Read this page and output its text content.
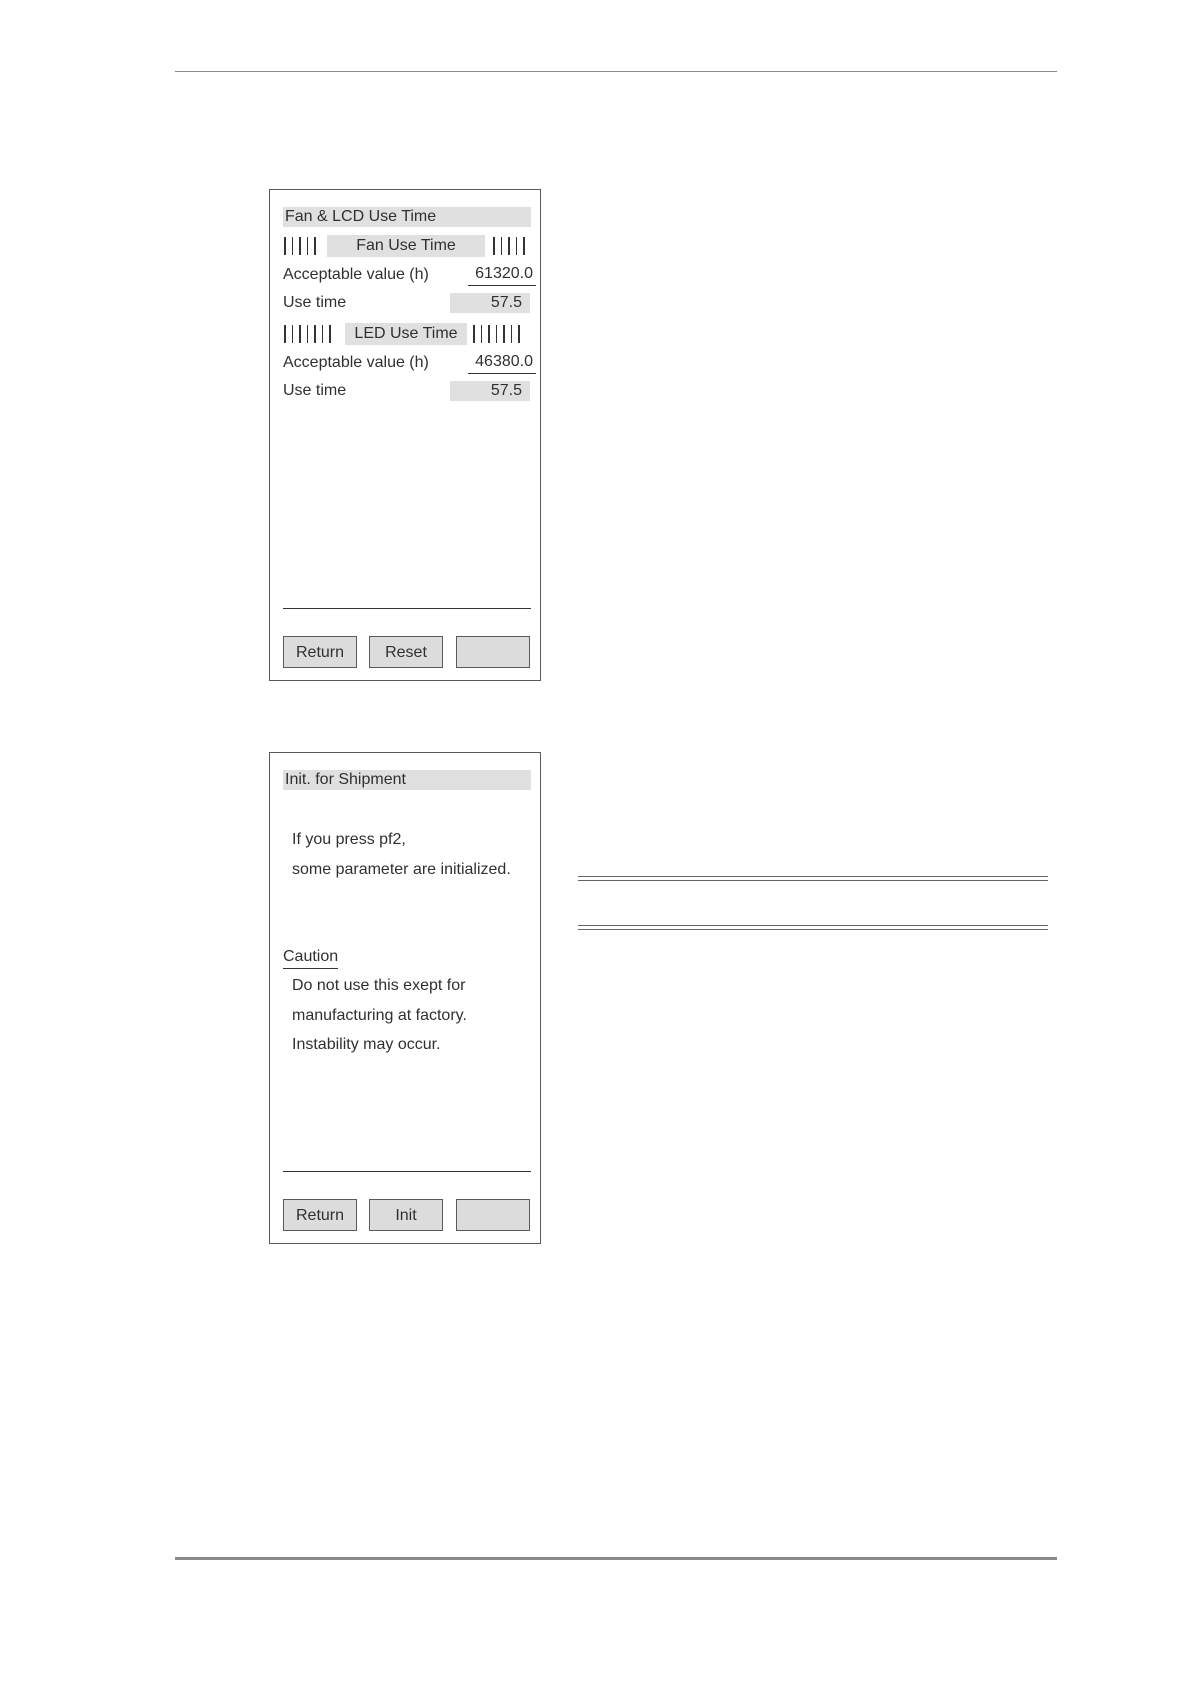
Fan & LCD Use Time
Fan Use Time
Acceptable value (h)	61320.0
Use time	57.5
LED Use Time
Acceptable value (h)	46380.0
Use time	57.5
Return	Reset
Init. for Shipment
If you press pf2,
some parameter are initialized.
Caution
Do not use this exept for
manufacturing at factory.
Instability may occur.
Return	Init
